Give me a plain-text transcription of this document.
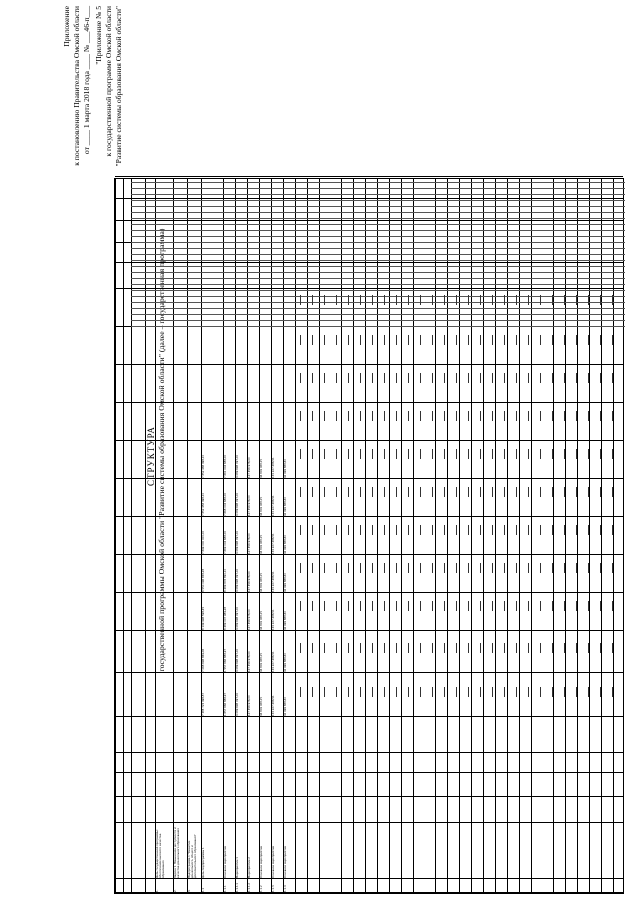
Приложение к постановлению Правительства Омской области от ____ 1 марта 2018 года ____ № ___46-п___ "Приложение № 5 к государственной программе Омской области "Развитие системы образования Омской области"
СТРУКТУРА государственной программы Омской области "Развитие системы образования Омской области" (далее – государственная программа)
1.
Цель государственной программы: обеспечение высокого качества образования
2.
Задача 1. Повышение доступности и качества дошкольного образования
3.
Подпрограмма 1 "Развитие дошкольного, общего и дополнительного образования"
1.1
Цель подпрограммы 1
7 385 723 498,87
7 068 698 869,06
8 149 998 598,45
8 550 096 658,28
7 899 000 000,00
7 852 458 498,10
7 852 488 498,10
1.1.1
Основное мероприятие
1 657 666 888,97
1 557 666 888,97
8 489 007 989,26
8 489 876 890,10
7 669 004 688,00
7 668 004 688,00
7 661 004 688,00
1.1.1.1
Мероприятие 1
4 089 698 097,00
4 089 698 097,00
4 089 698 097,00
4 089 698 097,00
4 089 698 097,00
4 089 698 097,00
4 089 698 097,00
1.1.1.2
Мероприятие 2
127 456 978,00
127 456 978,00
127 456 978,00
127 456 978,00
127 456 978,00
127 456 978,00
127 456 978,00
1.1.2
Основное мероприятие
44 809 068,15
44 809 068,15
44 809 068,15
44 809 068,15
44 809 068,15
44 809 068,15
44 809 068,15
1.1.3
Основное мероприятие
133 227 488,51
133 227 488,51
133 227 488,51
133 227 488,51
133 227 488,51
133 227 488,51
133 227 488,51
1.1.4
Основное мероприятие
42 999 888,60
42 999 888,60
42 999 888,60
42 999 888,60
42 999 888,60
42 999 888,60
42 999 888,60
